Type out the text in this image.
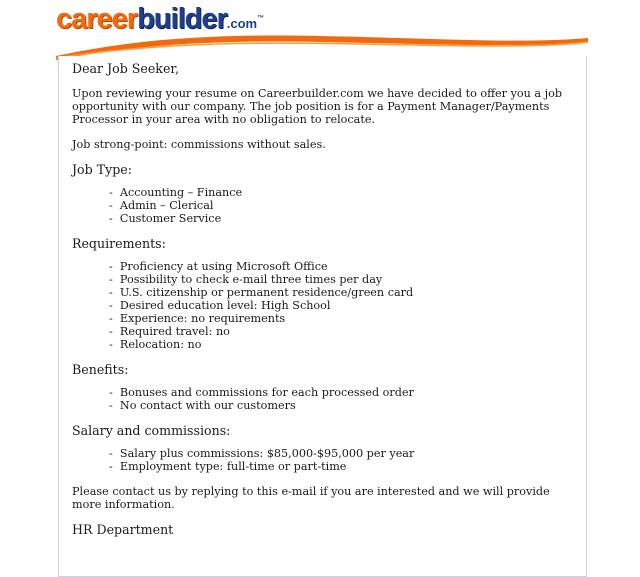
careerbuilder.com™
Dear Job Seeker,

Upon reviewing your resume on Careerbuilder.com we have decided to offer you a job opportunity with our company. The job position is for a Payment Manager/Payments Processor in your area with no obligation to relocate.

Job strong-point: commissions without sales.

Job Type:
- Accounting – Finance
- Admin – Clerical
- Customer Service
Requirements:
- Proficiency at using Microsoft Office
- Possibility to check e-mail three times per day
- U.S. citizenship or permanent residence/green card
- Desired education level: High School
- Experience: no requirements
- Required travel: no
- Relocation: no
Benefits:
- Bonuses and commissions for each processed order
- No contact with our customers
Salary and commissions:
- Salary plus commissions: $85,000-$95,000 per year
- Employment type: full-time or part-time

Please contact us by replying to this e-mail if you are interested and we will provide more information.

HR Department
